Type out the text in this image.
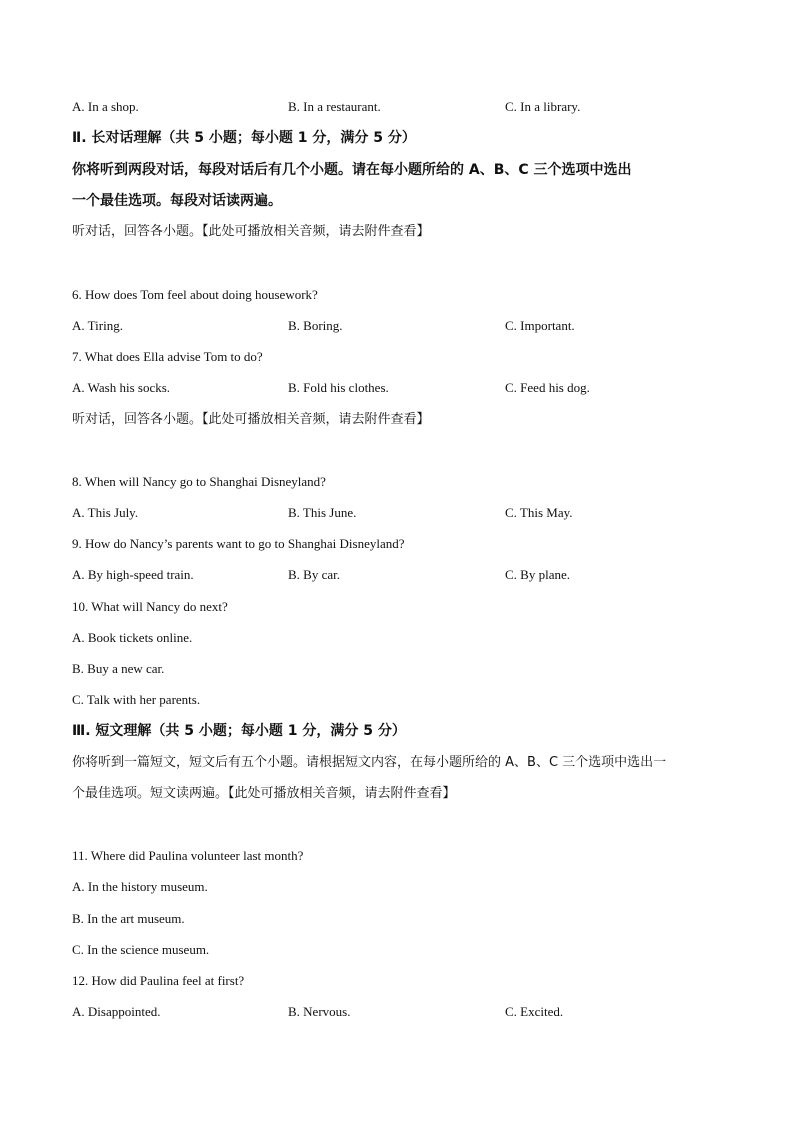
A. In a shop.	B. In a restaurant.	C. In a library.
Ⅱ. 长对话理解（共 5 小题；每小题 1 分，满分 5 分）
你将听到两段对话，每段对话后有几个小题。请在每小题所给的 A、B、C 三个选项中选出
一个最佳选项。每段对话读两遍。
听对话，回答各小题。【此处可播放相关音频，请去附件查看】
6. How does Tom feel about doing housework?
A. Tiring.	B. Boring.	C. Important.
7. What does Ella advise Tom to do?
A. Wash his socks.	B. Fold his clothes.	C. Feed his dog.
听对话，回答各小题。【此处可播放相关音频，请去附件查看】
8. When will Nancy go to Shanghai Disneyland?
A. This July.	B. This June.	C. This May.
9. How do Nancy’s parents want to go to Shanghai Disneyland?
A. By high-speed train.	B. By car.	C. By plane.
10. What will Nancy do next?
A. Book tickets online.
B. Buy a new car.
C. Talk with her parents.
Ⅲ. 短文理解（共 5 小题；每小题 1 分，满分 5 分）
你将听到一篇短文，短文后有五个小题。请根据短文内容，在每小题所给的 A、B、C 三个选项中选出一
个最佳选项。短文读两遍。【此处可播放相关音频，请去附件查看】
11. Where did Paulina volunteer last month?
A. In the history museum.
B. In the art museum.
C. In the science museum.
12. How did Paulina feel at first?
A. Disappointed.	B. Nervous.	C. Excited.
